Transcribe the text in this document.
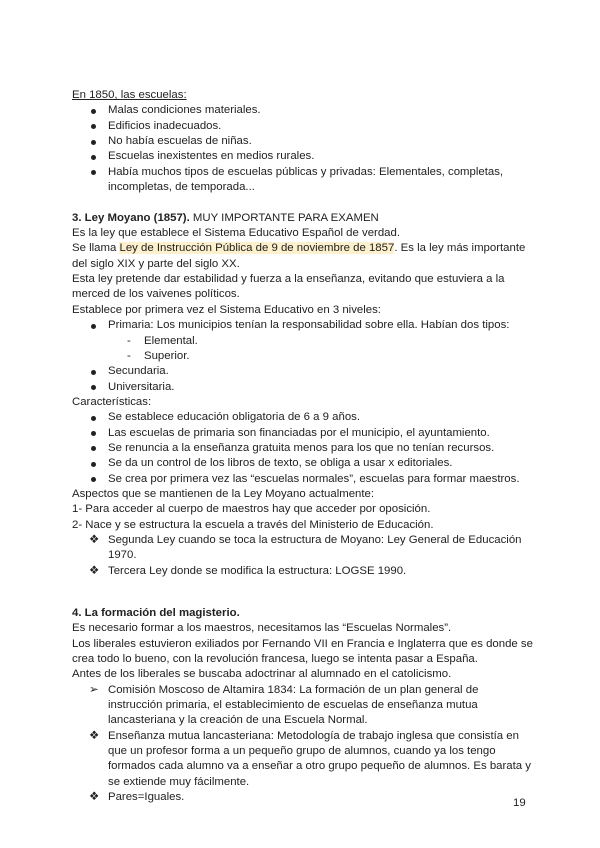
En 1850, las escuelas:

Malas condiciones materiales.
Edificios inadecuados.
No había escuelas de niñas.
Escuelas inexistentes en medios rurales.
Había muchos tipos de escuelas públicas y privadas: Elementales, completas, incompletas, de temporada...

3. Ley Moyano (1857). MUY IMPORTANTE PARA EXAMEN

Es la ley que establece el Sistema Educativo Español de verdad.

Se llama Ley de Instrucción Pública de 9 de noviembre de 1857. Es la ley más importante del siglo XIX y parte del siglo XX.

Esta ley pretende dar estabilidad y fuerza a la enseñanza, evitando que estuviera a la merced de los vaivenes políticos.

Establece por primera vez el Sistema Educativo en 3 niveles:

Primaria: Los municipios tenían la responsabilidad sobre ella. Habían dos tipos:
-	Elemental.
-	Superior.
Secundaria.
Universitaria.

Características:

Se establece educación obligatoria de 6 a 9 años.
Las escuelas de primaria son financiadas por el municipio, el ayuntamiento.
Se renuncia a la enseñanza gratuita menos para los que no tenían recursos.
Se da un control de los libros de texto, se obliga a usar x editoriales.
Se crea por primera vez las “escuelas normales”, escuelas para formar maestros.

Aspectos que se mantienen de la Ley Moyano actualmente:

1- Para acceder al cuerpo de maestros hay que acceder por oposición.

2- Nace y se estructura la escuela a través del Ministerio de Educación.

❖ Segunda Ley cuando se toca la estructura de Moyano: Ley General de Educación 1970.
❖ Tercera Ley donde se modifica la estructura: LOGSE 1990.

4. La formación del magisterio.

Es necesario formar a los maestros, necesitamos las “Escuelas Normales”.

Los liberales estuvieron exiliados por Fernando VII en Francia e Inglaterra que es donde se crea todo lo bueno, con la revolución francesa, luego se intenta pasar a España.

Antes de los liberales se buscaba adoctrinar al alumnado en el catolicismo.

➢ Comisión Moscoso de Altamira 1834: La formación de un plan general de instrucción primaria, el establecimiento de escuelas de enseñanza mutua lancasteriana y la creación de una Escuela Normal.
❖ Enseñanza mutua lancasteriana: Metodología de trabajo inglesa que consistía en que un profesor forma a un pequeño grupo de alumnos, cuando ya los tengo formados cada alumno va a enseñar a otro grupo pequeño de alumnos. Es barata y se extiende muy fácilmente.
❖ Pares=Iguales.	19
